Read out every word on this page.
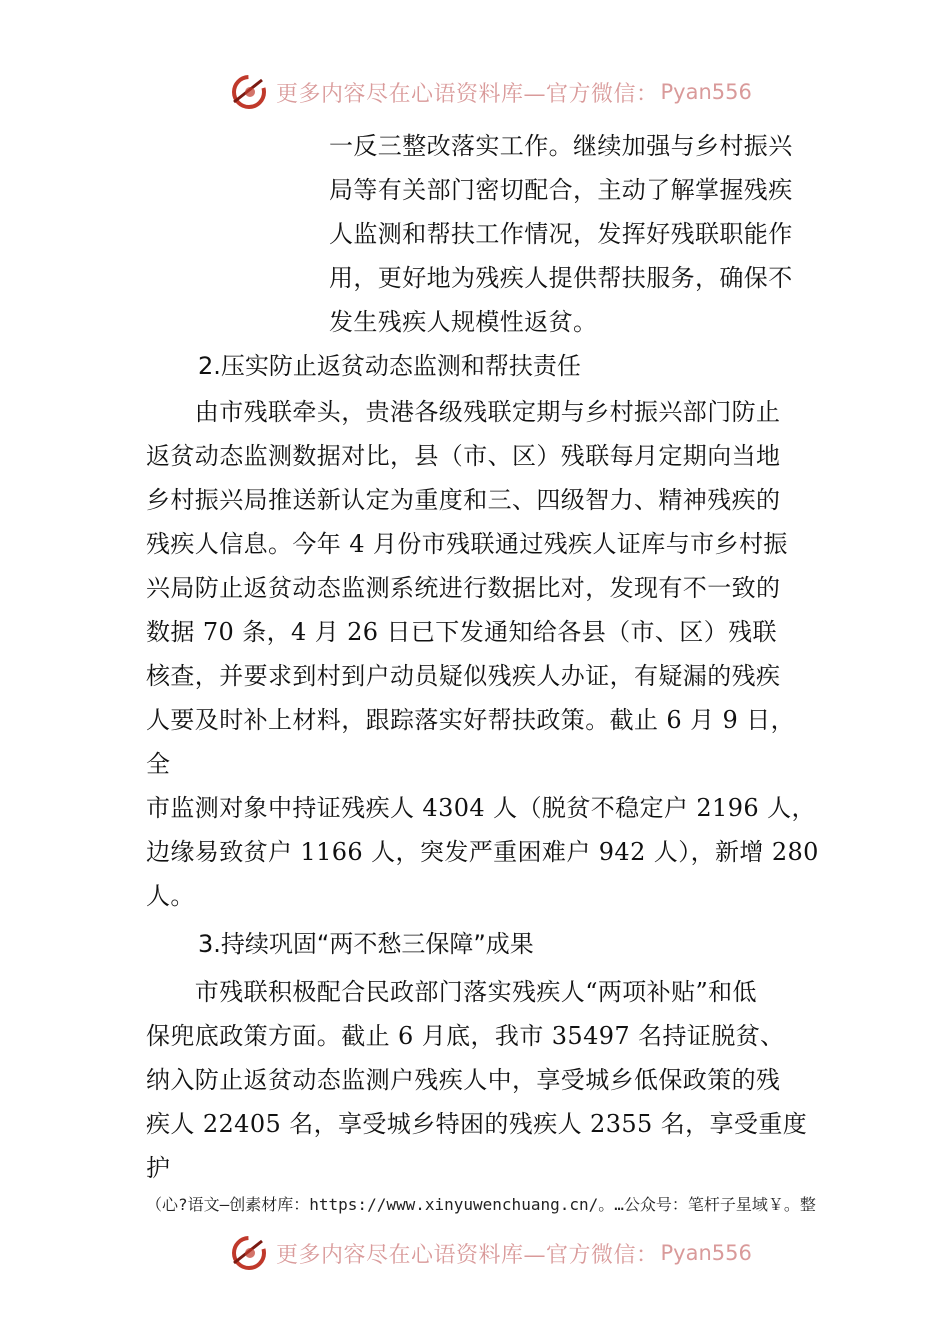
更多内容尽在心语资料库—官方微信： Pyan556
一反三整改落实工作。继续加强与乡村振兴
局等有关部门密切配合，主动了解掌握残疾
人监测和帮扶工作情况，发挥好残联职能作
用，更好地为残疾人提供帮扶服务，确保不
发生残疾人规模性返贫。
2.压实防止返贫动态监测和帮扶责任
　　由市残联牵头，贵港各级残联定期与乡村振兴部门防止
返贫动态监测数据对比，县（市、区）残联每月定期向当地
乡村振兴局推送新认定为重度和三、四级智力、精神残疾的
残疾人信息。今年 4 月份市残联通过残疾人证库与市乡村振
兴局防止返贫动态监测系统进行数据比对，发现有不一致的
数据 70 条，4 月 26 日已下发通知给各县（市、区）残联
核查，并要求到村到户动员疑似残疾人办证，有疑漏的残疾
人要及时补上材料，跟踪落实好帮扶政策。截止 6 月 9 日，
全
市监测对象中持证残疾人 4304 人（脱贫不稳定户 2196 人，
边缘易致贫户 1166 人，突发严重困难户 942 人），新增 280
人。
3.持续巩固“两不愁三保障”成果
　　市残联积极配合民政部门落实残疾人“两项补贴”和低
保兜底政策方面。截止 6 月底，我市 35497 名持证脱贫、
纳入防止返贫动态监测户残疾人中，享受城乡低保政策的残
疾人 22405 名，享受城乡特困的残疾人 2355 名，享受重度
护
（心?语文—创素材库：https://www.xinyuwenchuang.cn/。…公众号：笔杆子星域￥。整
更多内容尽在心语资料库—官方微信： Pyan556
